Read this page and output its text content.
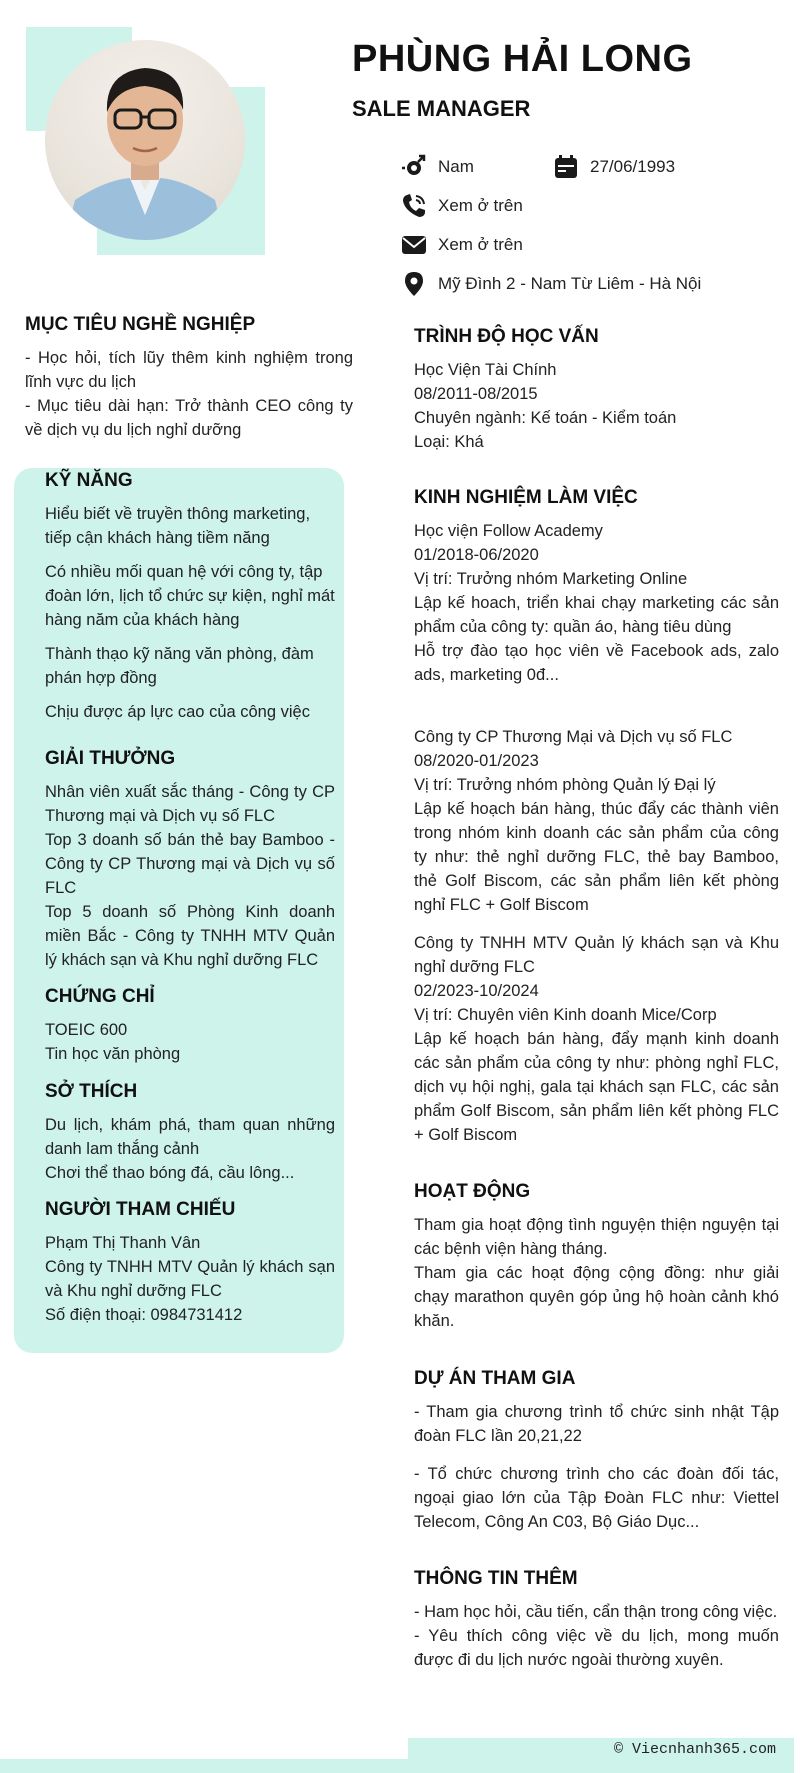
PHÙNG HẢI LONG
SALE MANAGER
Nam	27/06/1993
Xem ở trên
Xem ở trên
Mỹ Đình 2 - Nam Từ Liêm - Hà Nội
MỤC TIÊU NGHỀ NGHIỆP
- Học hỏi, tích lũy thêm kinh nghiệm trong lĩnh vực du lịch
- Mục tiêu dài hạn: Trở thành CEO công ty về dịch vụ du lịch nghỉ dưỡng
KỸ NĂNG
Hiểu biết về truyền thông marketing, tiếp cận khách hàng tiềm năng
Có nhiều mối quan hệ với công ty, tập đoàn lớn, lịch tổ chức sự kiện, nghỉ mát hàng năm của khách hàng
Thành thạo kỹ năng văn phòng, đàm phán hợp đồng
Chịu được áp lực cao của công việc
GIẢI THƯỞNG
Nhân viên xuất sắc tháng - Công ty CP Thương mại và Dịch vụ số FLC
Top 3 doanh số bán thẻ bay Bamboo - Công ty CP Thương mại và Dịch vụ số FLC
Top 5 doanh số Phòng Kinh doanh miền Bắc - Công ty TNHH MTV Quản lý khách sạn và Khu nghỉ dưỡng FLC
CHỨNG CHỈ
TOEIC 600
Tin học văn phòng
SỞ THÍCH
Du lịch, khám phá, tham quan những danh lam thắng cảnh
Chơi thể thao bóng đá, cầu lông...
NGƯỜI THAM CHIẾU
Phạm Thị Thanh Vân
Công ty TNHH MTV Quản lý khách sạn và Khu nghỉ dưỡng FLC
Số điện thoại: 0984731412
TRÌNH ĐỘ HỌC VẤN
Học Viện Tài Chính
08/2011-08/2015
Chuyên ngành: Kế toán - Kiểm toán
Loại: Khá
KINH NGHIỆM LÀM VIỆC
Học viện Follow Academy
01/2018-06/2020
Vị trí: Trưởng nhóm Marketing Online
Lập kế hoach, triển khai chạy marketing các sản phẩm của công ty: quần áo, hàng tiêu dùng
Hỗ trợ đào tạo học viên về Facebook ads, zalo ads, marketing 0đ...
Công ty CP Thương Mại và Dịch vụ số FLC
08/2020-01/2023
Vị trí: Trưởng nhóm phòng Quản lý Đại lý
Lập kế hoạch bán hàng, thúc đẩy các thành viên trong nhóm kinh doanh các sản phẩm của công ty như: thẻ nghỉ dưỡng FLC, thẻ bay Bamboo, thẻ Golf Biscom, các sản phẩm liên kết phòng nghỉ FLC + Golf Biscom
Công ty TNHH MTV Quản lý khách sạn và Khu nghỉ dưỡng FLC
02/2023-10/2024
Vị trí: Chuyên viên Kinh doanh Mice/Corp
Lập kế hoạch bán hàng, đẩy mạnh kinh doanh các sản phẩm của công ty như: phòng nghỉ FLC, dịch vụ hội nghị, gala tại khách sạn FLC, các sản phẩm Golf Biscom, sản phẩm liên kết phòng FLC + Golf Biscom
HOẠT ĐỘNG
Tham gia hoạt động tình nguyện thiện nguyện tại các bệnh viện hàng tháng.
Tham gia các hoạt động cộng đồng: như giải chạy marathon quyên góp ủng hộ hoàn cảnh khó khăn.
DỰ ÁN THAM GIA
- Tham gia chương trình tổ chức sinh nhật Tập đoàn FLC lần 20,21,22
- Tổ chức chương trình cho các đoàn đối tác, ngoại giao lớn của Tập Đoàn FLC như: Viettel Telecom, Công An C03, Bộ Giáo Dục...
THÔNG TIN THÊM
- Ham học hỏi, cầu tiến, cẩn thận trong công việc.
- Yêu thích công việc về du lịch, mong muốn được đi du lịch nước ngoài thường xuyên.
© Viecnhanh365.com
